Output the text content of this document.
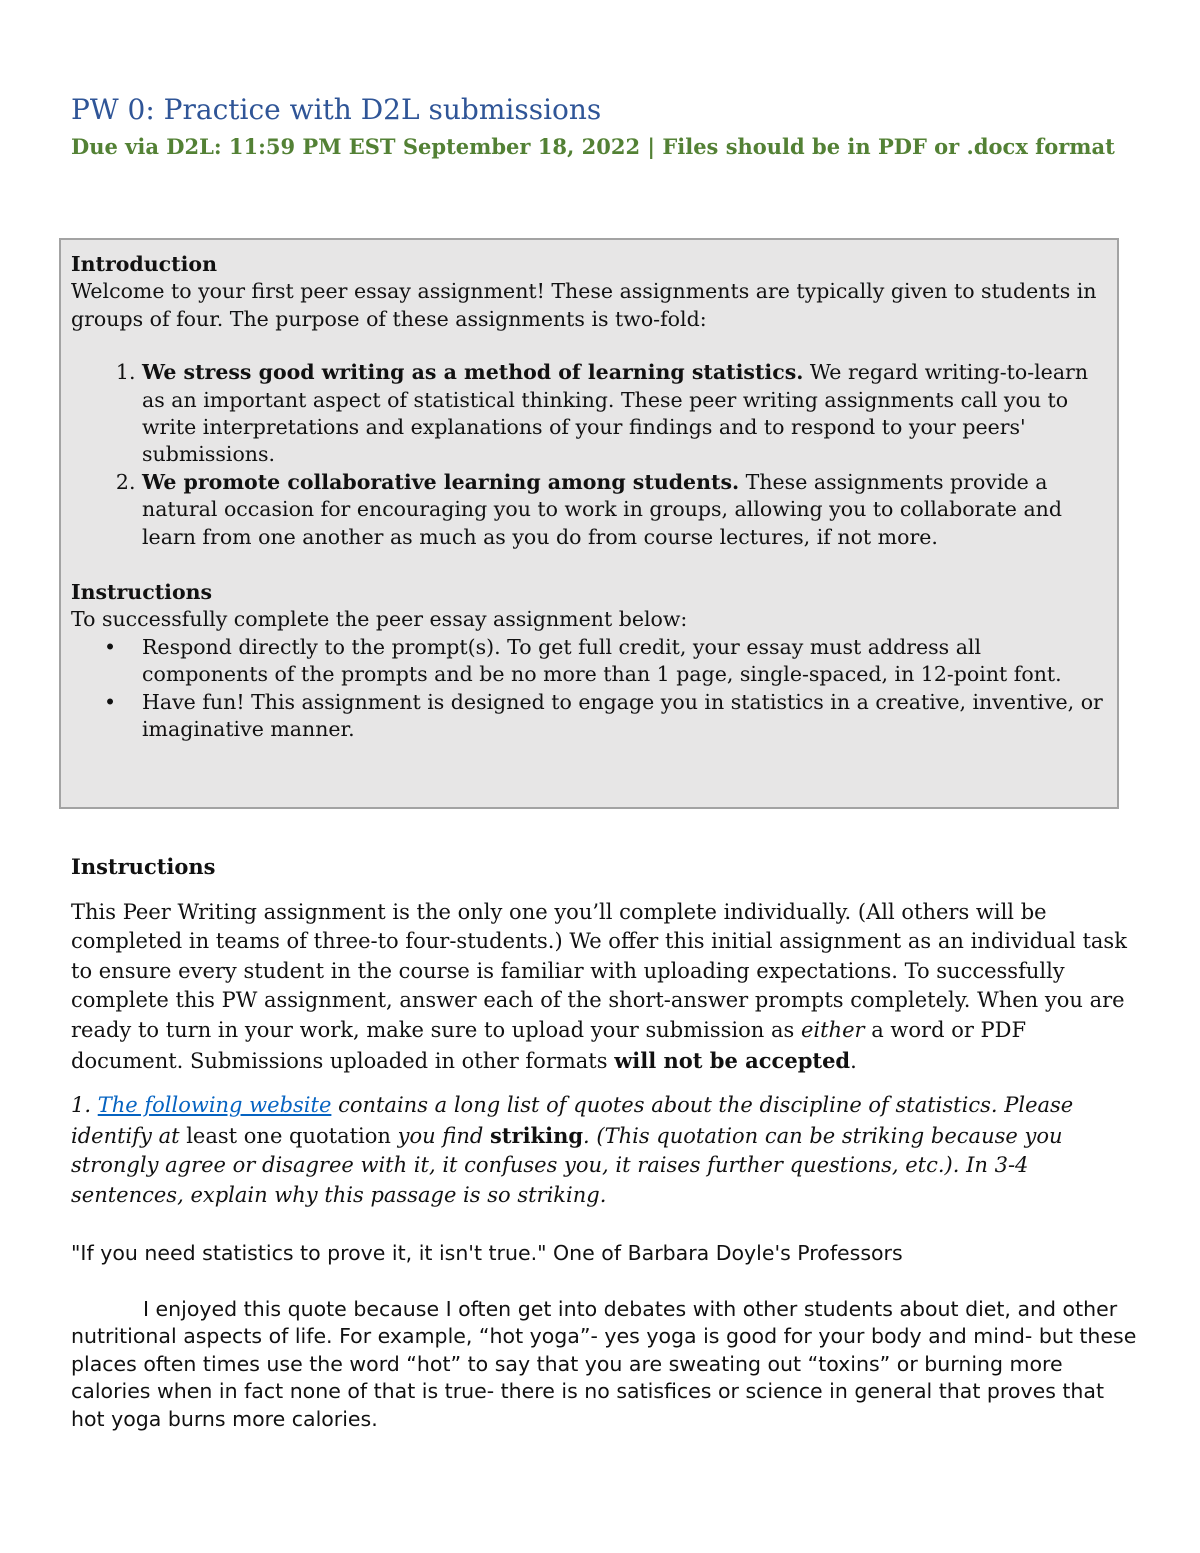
PW 0: Practice with D2L submissions

Due via D2L: 11:59 PM EST September 18, 2022 | Files should be in PDF or .docx format

Introduction

Welcome to your first peer essay assignment! These assignments are typically given to students in groups of four. The purpose of these assignments is two-fold:

1. We stress good writing as a method of learning statistics. We regard writing-to-learn as an important aspect of statistical thinking. These peer writing assignments call you to write interpretations and explanations of your findings and to respond to your peers' submissions.
2. We promote collaborative learning among students. These assignments provide a natural occasion for encouraging you to work in groups, allowing you to collaborate and learn from one another as much as you do from course lectures, if not more.

Instructions

To successfully complete the peer essay assignment below:

• Respond directly to the prompt(s). To get full credit, your essay must address all components of the prompts and be no more than 1 page, single-spaced, in 12-point font.
• Have fun! This assignment is designed to engage you in statistics in a creative, inventive, or imaginative manner.

Instructions

This Peer Writing assignment is the only one you’ll complete individually. (All others will be completed in teams of three-to four-students.) We offer this initial assignment as an individual task to ensure every student in the course is familiar with uploading expectations. To successfully complete this PW assignment, answer each of the short-answer prompts completely. When you are ready to turn in your work, make sure to upload your submission as either a word or PDF document. Submissions uploaded in other formats will not be accepted.

1. The following website contains a long list of quotes about the discipline of statistics. Please identify at least one quotation you find striking. (This quotation can be striking because you strongly agree or disagree with it, it confuses you, it raises further questions, etc.). In 3-4 sentences, explain why this passage is so striking.

"If you need statistics to prove it, it isn't true." One of Barbara Doyle's Professors

I enjoyed this quote because I often get into debates with other students about diet, and other nutritional aspects of life. For example, “hot yoga”- yes yoga is good for your body and mind- but these places often times use the word “hot” to say that you are sweating out “toxins” or burning more calories when in fact none of that is true- there is no satisfices or science in general that proves that hot yoga burns more calories.
